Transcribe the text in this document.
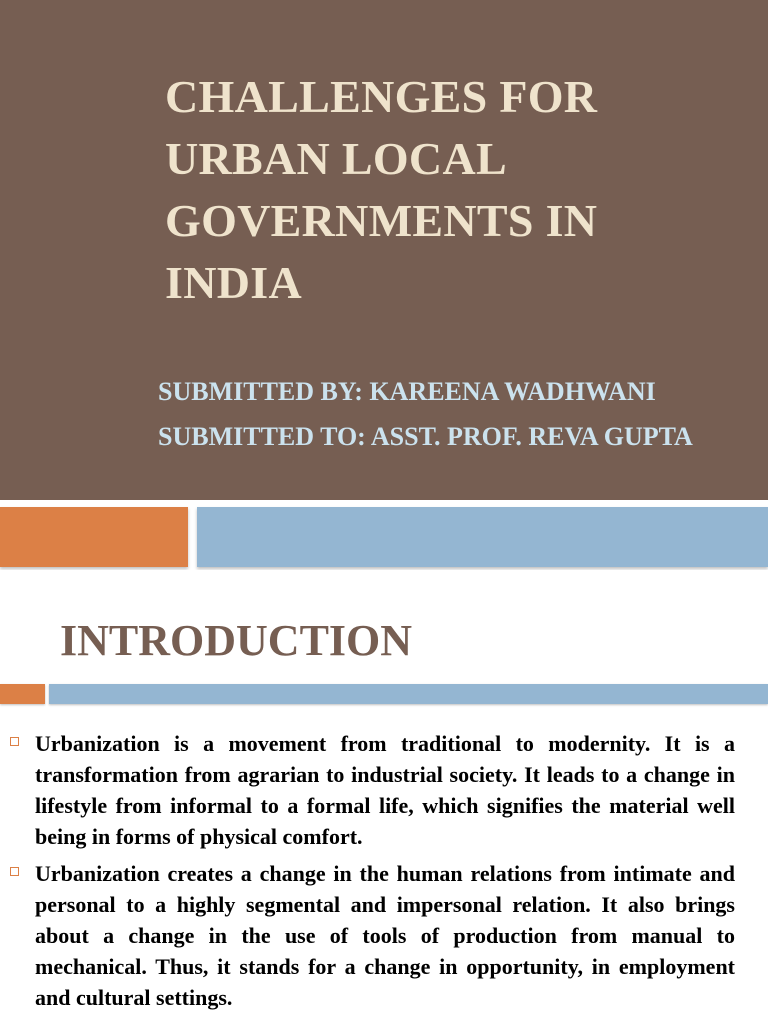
CHALLENGES FOR URBAN LOCAL GOVERNMENTS IN INDIA

SUBMITTED BY: KAREENA WADHWANI

SUBMITTED TO: ASST. PROF. REVA GUPTA

INTRODUCTION

Urbanization is a movement from traditional to modernity. It is a transformation from agrarian to industrial society. It leads to a change in lifestyle from informal to a formal life, which signifies the material well being in forms of physical comfort.

Urbanization creates a change in the human relations from intimate and personal to a highly segmental and impersonal relation. It also brings about a change in the use of tools of production from manual to mechanical. Thus, it stands for a change in opportunity, in employment and cultural settings.
